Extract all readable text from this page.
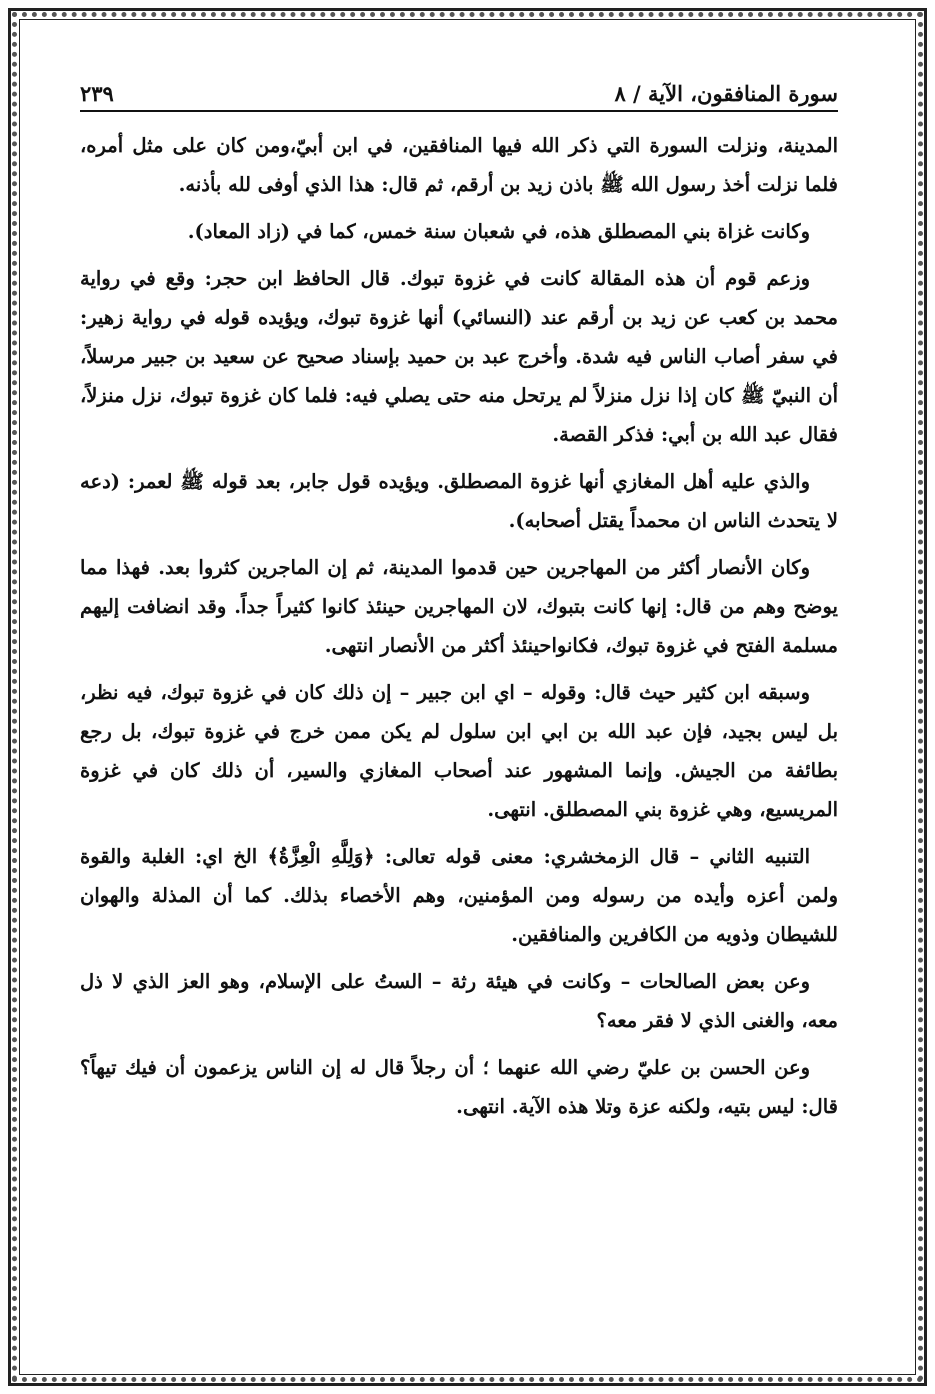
سورة المنافقون، الآية / ٨
٢٣٩

المدينة، ونزلت السورة التي ذكر الله فيها المنافقين، في ابن أبيّ،ومن كان على مثل أمره، فلما نزلت أخذ رسول الله ﷺ باذن زيد بن أرقم، ثم قال: هذا الذي أوفى لله بأذنه.

وكانت غزاة بني المصطلق هذه، في شعبان سنة خمس، كما في (زاد المعاد).

وزعم قوم أن هذه المقالة كانت في غزوة تبوك. قال الحافظ ابن حجر: وقع في رواية محمد بن كعب عن زيد بن أرقم عند (النسائي) أنها غزوة تبوك، ويؤيده قوله في رواية زهير: في سفر أصاب الناس فيه شدة. وأخرج عبد بن حميد بإسناد صحيح عن سعيد بن جبير مرسلاً، أن النبيّ ﷺ كان إذا نزل منزلاً لم يرتحل منه حتى يصلي فيه: فلما كان غزوة تبوك، نزل منزلاً، فقال عبد الله بن أبي: فذكر القصة.

والذي عليه أهل المغازي أنها غزوة المصطلق. ويؤيده قول جابر، بعد قوله ﷺ لعمر: (دعه لا يتحدث الناس ان محمداً يقتل أصحابه).

وكان الأنصار أكثر من المهاجرين حين قدموا المدينة، ثم إن الماجرين كثروا بعد. فهذا مما يوضح وهم من قال: إنها كانت بتبوك، لان المهاجرين حينئذ كانوا كثيراً جداً. وقد انضافت إليهم مسلمة الفتح في غزوة تبوك، فكانواحينئذ أكثر من الأنصار انتهى.

وسبقه ابن كثير حيث قال: وقوله – اي ابن جبير – إن ذلك كان في غزوة تبوك، فيه نظر، بل ليس بجيد، فإن عبد الله بن ابي ابن سلول لم يكن ممن خرج في غزوة تبوك، بل رجع بطائفة من الجيش. وإنما المشهور عند أصحاب المغازي والسير، أن ذلك كان في غزوة المريسيع، وهي غزوة بني المصطلق. انتهى.

التنبيه الثاني – قال الزمخشري: معنى قوله تعالى: ﴿وَلِلَّهِ الْعِزَّةُ﴾ الخ اي: الغلبة والقوة ولمن أعزه وأيده من رسوله ومن المؤمنين، وهم الأخصاء بذلك. كما أن المذلة والهوان للشيطان وذويه من الكافرين والمنافقين.

وعن بعض الصالحات – وكانت في هيئة رثة – الستُ على الإسلام، وهو العز الذي لا ذل معه، والغنى الذي لا فقر معه؟

وعن الحسن بن عليّ رضي الله عنهما ؛ أن رجلاً قال له إن الناس يزعمون أن فيك تيهاً؟ قال: ليس بتيه، ولكنه عزة وتلا هذه الآية. انتهى.
